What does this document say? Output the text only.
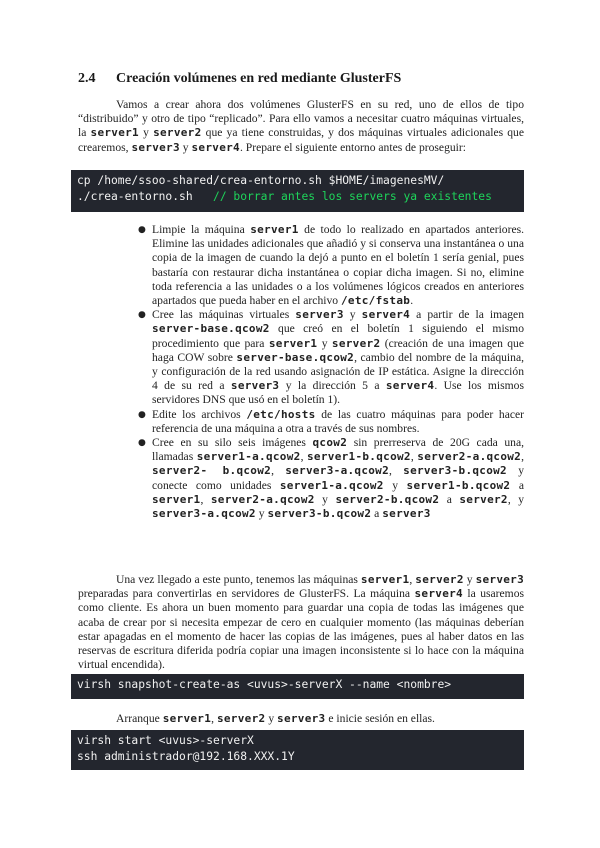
2.4 Creación volúmenes en red mediante GlusterFS

Vamos a crear ahora dos volúmenes GlusterFS en su red, uno de ellos de tipo “distribuido” y otro de tipo “replicado”. Para ello vamos a necesitar cuatro máquinas virtuales, la server1 y server2 que ya tiene construidas, y dos máquinas virtuales adicionales que crearemos, server3 y server4. Prepare el siguiente entorno antes de proseguir:

cp /home/ssoo-shared/crea-entorno.sh $HOME/imagenesMV/
./crea-entorno.sh // borrar antes los servers ya existentes
● Limpie la máquina server1 de todo lo realizado en apartados anteriores. Elimine las unidades adicionales que añadió y si conserva una instantánea o una copia de la imagen de cuando la dejó a punto en el boletín 1 sería genial, pues bastaría con restaurar dicha instantánea o copiar dicha imagen. Si no, elimine toda referencia a las unidades o a los volúmenes lógicos creados en anteriores apartados que pueda haber en el archivo /etc/fstab.
● Cree las máquinas virtuales server3 y server4 a partir de la imagen server-base.qcow2 que creó en el boletín 1 siguiendo el mismo procedimiento que para server1 y server2 (creación de una imagen que haga COW sobre server-base.qcow2, cambio del nombre de la máquina, y configuración de la red usando asignación de IP estática. Asigne la dirección 4 de su red a server3 y la dirección 5 a server4. Use los mismos servidores DNS que usó en el boletín 1).
● Edite los archivos /etc/hosts de las cuatro máquinas para poder hacer referencia de una máquina a otra a través de sus nombres.
● Cree en su silo seis imágenes qcow2 sin prerreserva de 20G cada una, llamadas server1-a.qcow2, server1-b.qcow2, server2-a.qcow2, server2- b.qcow2, server3-a.qcow2, server3-b.qcow2 y conecte como unidades server1-a.qcow2 y server1-b.qcow2 a server1, server2-a.qcow2 y server2-b.qcow2 a server2, y server3-a.qcow2 y server3-b.qcow2 a server3

Una vez llegado a este punto, tenemos las máquinas server1, server2 y server3 preparadas para convertirlas en servidores de GlusterFS. La máquina server4 la usaremos como cliente. Es ahora un buen momento para guardar una copia de todas las imágenes que acaba de crear por si necesita empezar de cero en cualquier momento (las máquinas deberían estar apagadas en el momento de hacer las copias de las imágenes, pues al haber datos en las reservas de escritura diferida podría copiar una imagen inconsistente si lo hace con la máquina virtual encendida).

virsh snapshot-create-as <uvus>-serverX --name <nombre>

Arranque server1, server2 y server3 e inicie sesión en ellas.

virsh start <uvus>-serverX
ssh administrador@192.168.XXX.1Y
